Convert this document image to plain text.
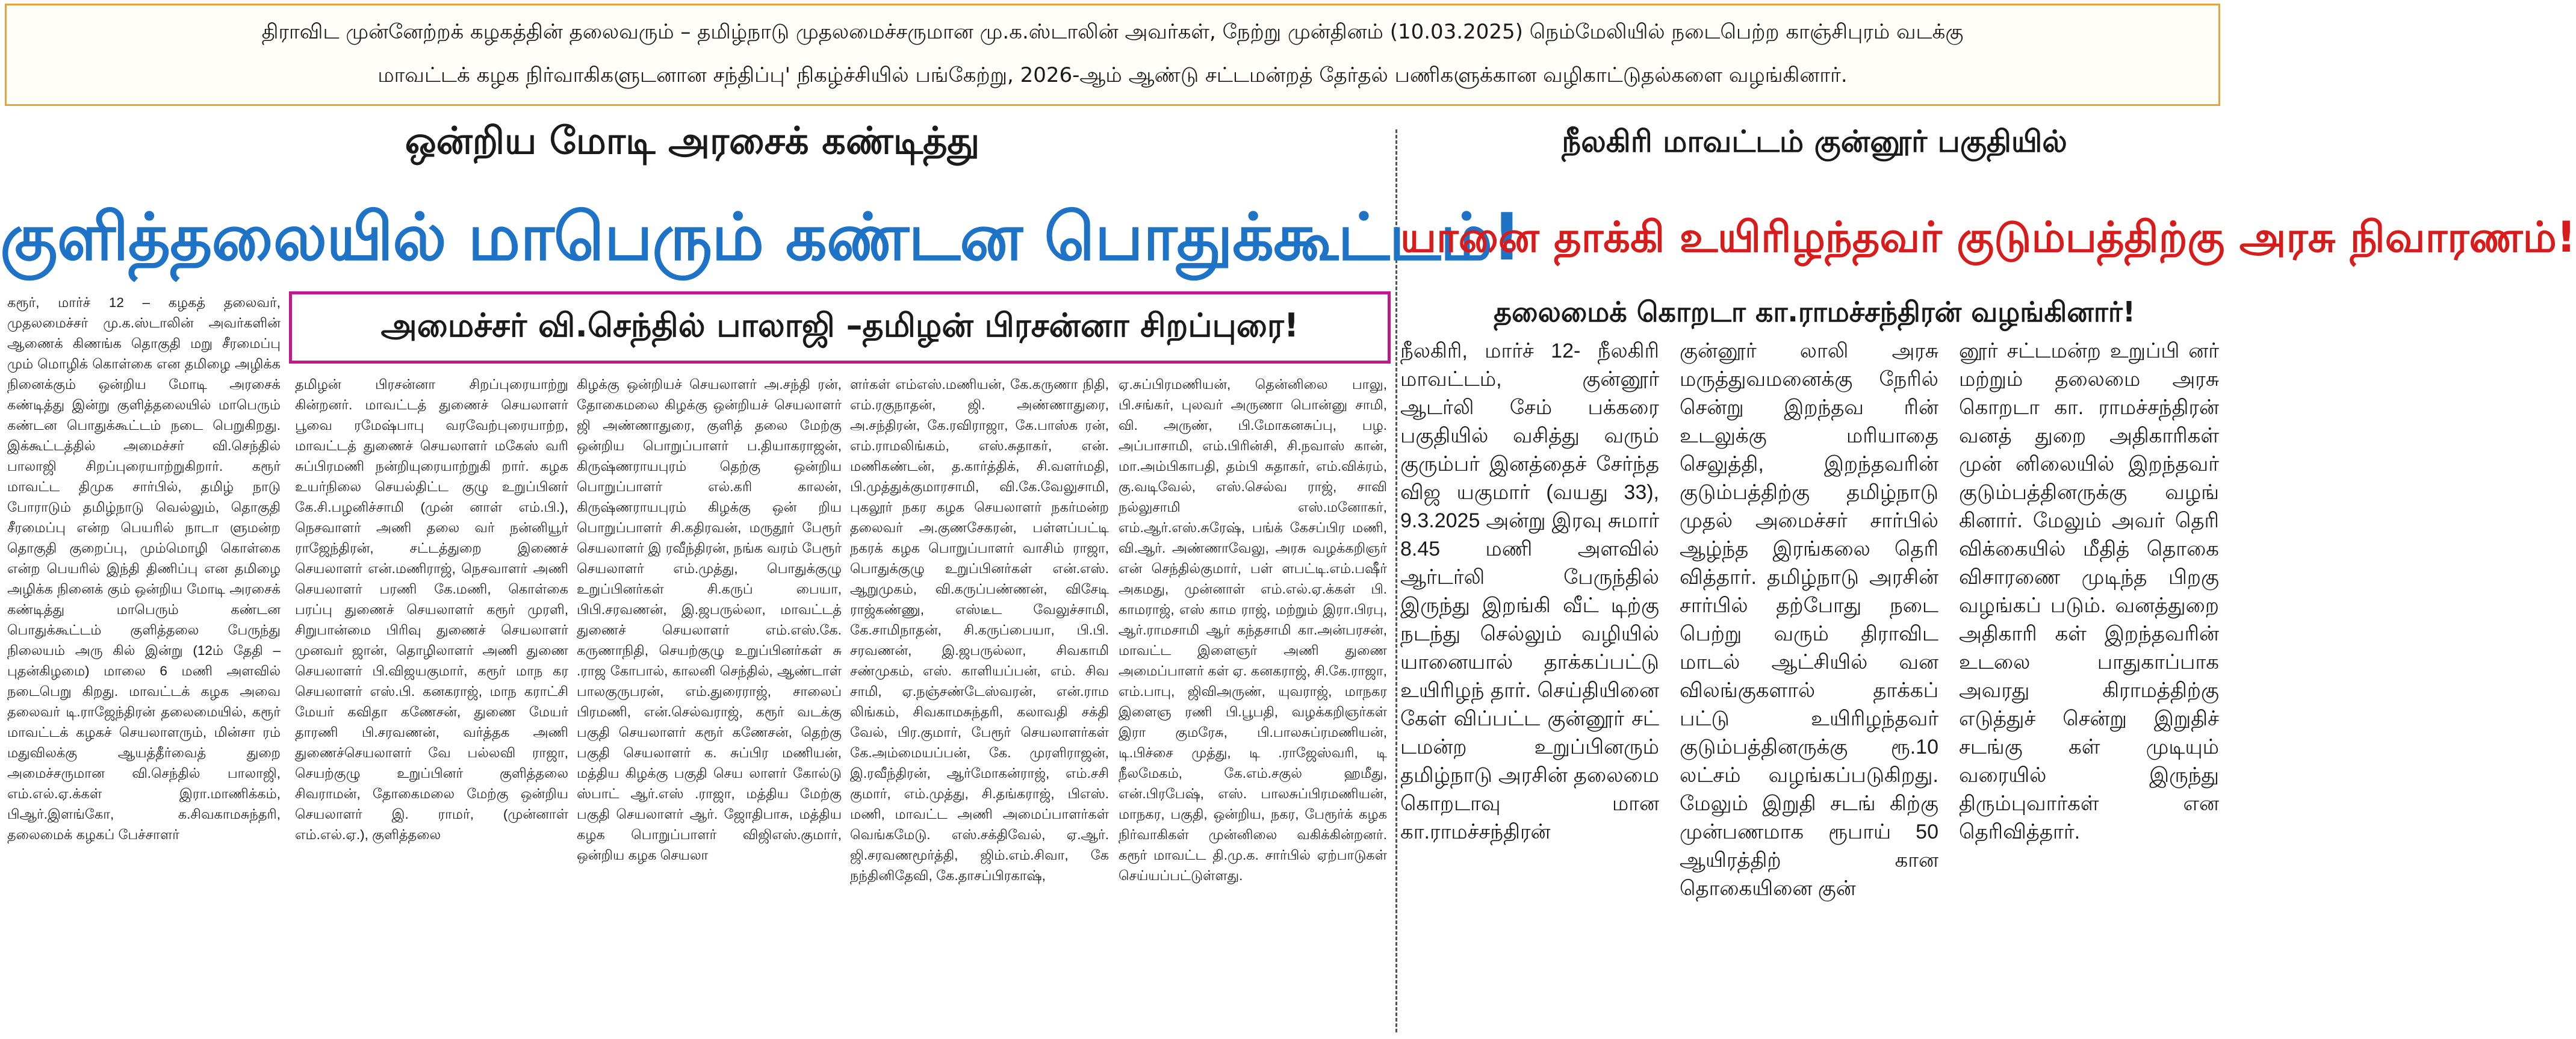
திராவிட முன்னேற்றக் கழகத்தின் தலைவரும் – தமிழ்நாடு முதலமைச்சருமான மு.க.ஸ்டாலின் அவர்கள், நேற்று முன்தினம் (10.03.2025) நெம்மேலியில் நடைபெற்ற காஞ்சிபுரம் வடக்கு
மாவட்டக் கழக நிர்வாகிகளுடனான சந்திப்பு' நிகழ்ச்சியில் பங்கேற்று, 2026-ஆம் ஆண்டு சட்டமன்றத் தேர்தல் பணிகளுக்கான வழிகாட்டுதல்களை வழங்கினார்.
ஒன்றிய மோடி அரசைக் கண்டித்து
குளித்தலையில் மாபெரும் கண்டன பொதுக்கூட்டம்!
அமைச்சர் வி.செந்தில் பாலாஜி –தமிழன் பிரசன்னா சிறப்புரை!

கரூர், மார்ச் 12 – கழகத் தலைவர், முதலமைச்சர் மு.க.ஸ்டாலின் அவர்களின் ஆணைக் கிணங்க தொகுதி மறு சீரமைப்பு மும் மொழிக் கொள்கை என தமிழை அழிக்க நினைக்கும் ஒன்றிய மோடி அரசைக் கண்டித்து இன்று குளித்தலையில் மாபெரும் கண்டன பொதுக்கூட்டம் நடை பெறுகிறது. இக்கூட்டத்தில் அமைச்சர் வி.செந்தில் பாலாஜி சிறப்புரையாற்றுகிறார். கரூர் மாவட்ட திமுக சார்பில், தமிழ் நாடு போராடும் தமிழ்நாடு வெல்லும், தொகுதி சீரமைப்பு என்ற பெயரில் நாடா ளுமன்ற தொகுதி குறைப்பு, மும்மொழி கொள்கை என்ற பெயரில் இந்தி திணிப்பு என தமிழை அழிக்க நினைக் கும் ஒன்றிய மோடி அரசைக் கண்டித்து மாபெரும் கண்டன பொதுக்கூட்டம் குளித்தலை பேருந்து நிலையம் அரு கில் இன்று (12ம் தேதி – புதன்கிழமை) மாலை 6 மணி அளவில் நடைபெறு கிறது. மாவட்டக் கழக அவை தலைவர் டி.ராஜேந்திரன் தலைமையில், கரூர் மாவட்டக் கழகச் செயலாளரும், மின்சா ரம் மதுவிலக்கு ஆயத்தீர்வைத் துறை அமைச்சருமான வி.செந்தில் பாலாஜி, எம்.எல்.ஏ.க்கள் இரா.மாணிக்கம், பிஆர்.இளங்கோ, க.சிவகாமசுந்தரி, தலைமைக் கழகப் பேச்சாளர்

தமிழன் பிரசன்னா சிறப்புரையாற்று கின்றனர். மாவட்டத் துணைச் செயலாளர் பூவை ரமேஷ்பாபு வரவேற்புரையாற்ற, மாவட்டத் துணைச் செயலாளர் மகேஸ் வரி சுப்பிரமணி நன்றியுரையாற்றுகி றார். கழக உயர்நிலை செயல்திட்ட குழு உறுப்பினர் கே.சி.பழனிச்சாமி (முன் னாள் எம்.பி.), நெசவாளர் அணி தலை வர் நன்னியூர் ராஜேந்திரன், சட்டத்துறை இணைச் செயலாளர் என்.மணிராஜ், நெசவாளர் அணி செயலாளர் பரணி கே.மணி, கொள்கை பரப்பு துணைச் செயலாளர் கரூர் முரளி, சிறுபான்மை பிரிவு துணைச் செயலாளர் முனவர் ஜான், தொழிலாளர் அணி துணை செயலாளர் பி.விஜயகுமார், கரூர் மாந கர செயலாளர் எஸ்.பி. கனகராஜ், மாந கராட்சி மேயர் கவிதா கணேசன், துணை மேயர் தாரணி பி.சரவணன், வர்த்தக அணி துணைச்செயலாளர் வே பல்லவி ராஜா, செயற்குழு உறுப்பினர் குளித்தலை சிவராமன், தோகைமலை மேற்கு ஒன்றிய செயலாளர் இ. ராமர், (முன்னாள் எம்.எல்.ஏ.), குளித்தலை

கிழக்கு ஒன்றியச் செயலாளர் அ.சந்தி ரன், தோகைமலை கிழக்கு ஒன்றியச் செயலாளர் ஜி அண்ணாதுரை, குளித் தலை மேற்கு ஒன்றிய பொறுப்பாளர் ப.தியாகராஜன், கிருஷ்ணராயபுரம் தெற்கு ஒன்றிய பொறுப்பாளர் எல்.கரி காலன், கிருஷ்ணராயபுரம் கிழக்கு ஒன் றிய பொறுப்பாளர் சி.கதிரவன், மருதூர் பேரூர் செயலாளர் இ ரவீந்திரன், நங்க வரம் பேரூர் செயலாளர் எம்.முத்து, பொதுக்குழு உறுப்பினர்கள் சி.கருப் பையா, பிபி.சரவணன், இ.ஜபருல்லா, மாவட்டத் துணைச் செயலாளர் எம்.எஸ்.கே. கருணாநிதி, செயற்குழு உறுப்பினர்கள் சு .ராஜ கோபால், காலனி செந்தில், ஆண்டாள் பாலகுருபரன், எம்.துரைராஜ், சாலைப் பிரமணி, என்.செல்வராஜ், கரூர் வடக்கு பகுதி செயலாளர் கரூர் கணேசன், தெற்கு பகுதி செயலாளர் க. சுப்பிர மணியன், மத்திய கிழக்கு பகுதி செய லாளர் கோல்டு ஸ்பாட் ஆர்.எஸ் .ராஜா, மத்திய மேற்கு பகுதி செயலாளர் ஆர். ஜோதிபாசு, மத்திய கழக பொறுப்பாளர் விஜிஎஸ்.குமார், ஒன்றிய கழக செயலா

ளர்கள் எம்எஸ்.மணியன், கே.கருணா நிதி, எம்.ரகுநாதன், ஜி. அண்ணாதுரை, அ.சந்திரன், கே.ரவிராஜா, கே.பாஸ்க ரன், எம்.ராமலிங்கம், எஸ்.சுதாகர், என். மணிகண்டன், த.கார்த்திக், சி.வளர்மதி, பி.முத்துக்குமாரசாமி, வி.கே.வேலுசாமி, புகலூர் நகர கழக செயலாளர் நகர்மன்ற தலைவர் அ.குணசேகரன், பள்ளப்பட்டி நகரக் கழக பொறுப்பாளர் வாசிம் ராஜா, பொதுக்குழு உறுப்பினர்கள் என்.எஸ். ஆறுமுகம், வி.கருப்பண்ணன், விசேடி ராஜ்கண்ணு, எஸ்டீட வேலுச்சாமி, கே.சாமிநாதன், சி.கருப்பையா, பி.பி. சரவணன், இ.ஜபருல்லா, சிவகாமி சண்முகம், எஸ். காளியப்பன், எம். சிவ சாமி, ஏ.நஞ்சண்டேஸ்வரன், என்.ராம லிங்கம், சிவகாமசுந்தரி, கலாவதி சக்தி வேல், பிர.குமார், பேரூர் செயலாளர்கள் கே.அம்மையப்பன், கே. முரளிராஜன், இ.ரவீந்திரன், ஆர்மோகன்ராஜ், எம்.சசி குமார், எம்.முத்து, சி.தங்கராஜ், பிஎஸ். மணி, மாவட்ட அணி அமைப்பாளர்கள் வெங்கமேடு. எஸ்.சக்திவேல், ஏ.ஆர். ஜி.சரவணமூர்த்தி, ஜிம்.எம்.சிவா, கே நந்தினிதேவி, கே.தாசப்பிரகாஷ்,

ஏ.சுப்பிரமணியன், தென்னிலை பாலு, பி.சங்கர், புலவர் அருணா பொன்னு சாமி, வி. அருண், பி.மோகனசுப்பு, பழ. அப்பாசாமி, எம்.பிரின்சி, சி.நவாஸ் கான், மா.அம்பிகாபதி, தம்பி சுதாகர், எம்.விக்ரம், கு.வடிவேல், எஸ்.செல்வ ராஜ், சாவி நல்லுசாமி எஸ்.மனோகர், எம்.ஆர்.எஸ்.சுரேஷ், பங்க் கேசப்பிர மணி, வி.ஆர். அண்ணாவேலு, அரசு வழக்கறிஞர் என் செந்தில்குமார், பள் ளபட்டி.எம்.பஷீர் அகமது, முன்னாள் எம்.எல்.ஏ.க்கள் பி. காமராஜ், எஸ் காம ராஜ், மற்றும் இரா.பிரபு, ஆர்.ராமசாமி ஆர் கந்தசாமி கா.அன்பரசன், மாவட்ட இளைஞர் அணி துணை அமைப்பாளர் கள் ஏ. கனகராஜ், சி.கே.ராஜா, எம்.பாபு, ஜிவிஅருண், யுவராஜ், மாநகர இளைஞ ரணி பி.பூபதி, வழக்கறிஞர்கள் இரா குமரேசு, பி.பாலசுப்ரமணியன், டி.பிச்சை முத்து, டி .ராஜேஸ்வரி, டி நீலமேகம், கே.எம்.சகுல் ஹமீது, என்.பிரபேஷ், எஸ். பாலசுப்பிரமணியன், மாநகர, பகுதி, ஒன்றிய, நகர, பேரூர்க் கழக நிர்வாகிகள் முன்னிலை வகிக்கின்றனர். கரூர் மாவட்ட தி.மு.க. சார்பில் ஏற்பாடுகள் செய்யப்பட்டுள்ளது.

நீலகிரி மாவட்டம் குன்னூர் பகுதியில்
யானை தாக்கி உயிரிழந்தவர் குடும்பத்திற்கு அரசு நிவாரணம்!
தலைமைக் கொறடா கா.ராமச்சந்திரன் வழங்கினார்!

நீலகிரி, மார்ச் 12- நீலகிரி மாவட்டம், குன்னூர் ஆடர்லி சேம் பக்கரை பகுதியில் வசித்து வரும் குரும்பர் இனத்தைச் சேர்ந்த விஜ யகுமார் (வயது 33), 9.3.2025 அன்று இரவு சுமார் 8.45 மணி அளவில் ஆர்டர்லி பேருந்தில் இருந்து இறங்கி வீட் டிற்கு நடந்து செல்லும் வழியில் யானையால் தாக்கப்பட்டு உயிரிழந் தார். செய்தியினை கேள் விப்பட்ட குன்னூர் சட் டமன்ற உறுப்பினரும் தமிழ்நாடு அரசின் தலைமை கொறடாவு மான கா.ராமச்சந்திரன்

குன்னூர் லாலி அரசு மருத்துவமனைக்கு நேரில் சென்று இறந்தவ ரின் உடலுக்கு மரியாதை செலுத்தி, இறந்தவரின் குடும்பத்திற்கு தமிழ்நாடு முதல் அமைச்சர் சார்பில் ஆழ்ந்த இரங்கலை தெரி வித்தார். தமிழ்நாடு அரசின் சார்பில் தற்போது நடை பெற்று வரும் திராவிட மாடல் ஆட்சியில் வன விலங்குகளால் தாக்கப் பட்டு உயிரிழந்தவர் குடும்பத்தினருக்கு ரூ.10 லட்சம் வழங்கப்படுகிறது. மேலும் இறுதி சடங் கிற்கு முன்பணமாக ரூபாய் 50 ஆயிரத்திற் கான தொகையினை குன்

னூர் சட்டமன்ற உறுப்பி னர் மற்றும் தலைமை அரசு கொறடா கா. ராமச்சந்திரன் வனத் துறை அதிகாரிகள் முன் னிலையில் இறந்தவர் குடும்பத்தினருக்கு வழங் கினார். மேலும் அவர் தெரி விக்கையில் மீதித் தொகை விசாரணை முடிந்த பிறகு வழங்கப் படும். வனத்துறை அதிகாரி கள் இறந்தவரின் உடலை பாதுகாப்பாக அவரது கிராமத்திற்கு எடுத்துச் சென்று இறுதிச் சடங்கு கள் முடியும் வரையில் இருந்து திரும்புவார்கள் என தெரிவித்தார்.
